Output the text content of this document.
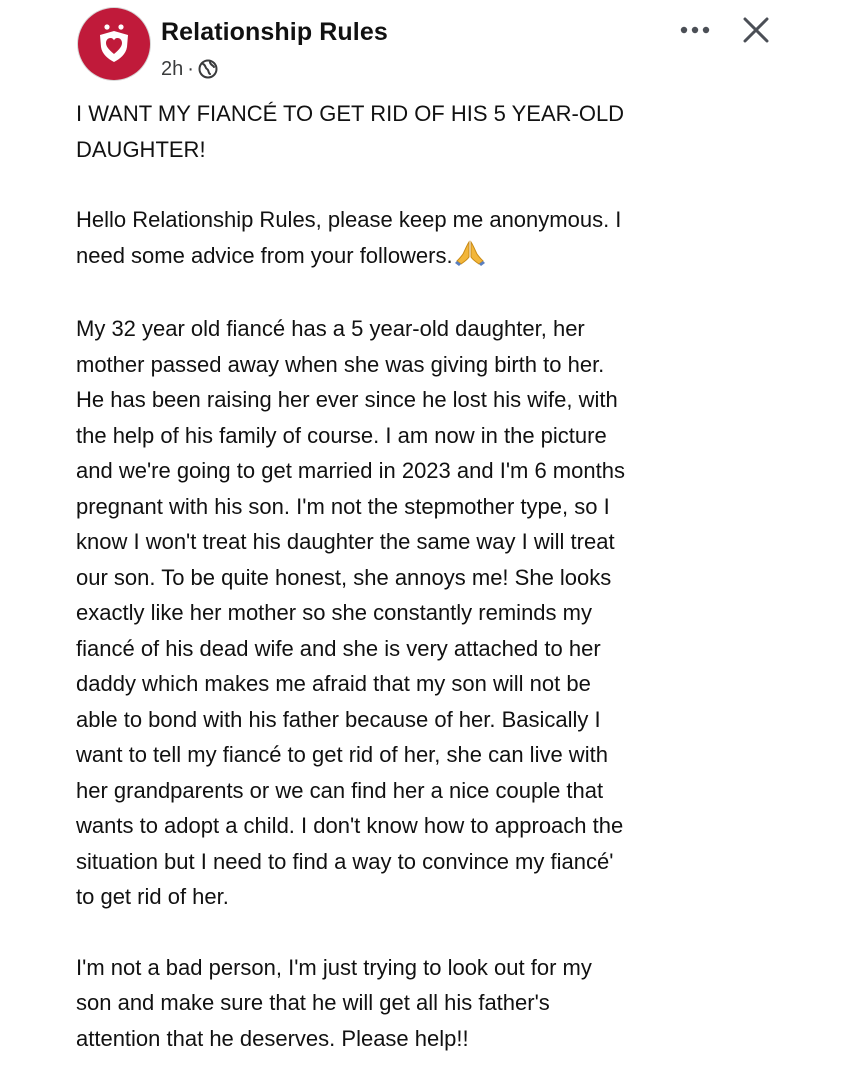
Relationship Rules
2h ·

I WANT MY FIANCÉ TO GET RID OF HIS 5 YEAR-OLD

DAUGHTER!

Hello Relationship Rules, please keep me anonymous. I

need some advice from your followers.

My 32 year old fiancé has a 5 year-old daughter, her

mother passed away when she was giving birth to her.

He has been raising her ever since he lost his wife, with

the help of his family of course. I am now in the picture

and we're going to get married in 2023 and I'm 6 months

pregnant with his son. I'm not the stepmother type, so I

know I won't treat his daughter the same way I will treat

our son. To be quite honest, she annoys me! She looks

exactly like her mother so she constantly reminds my

fiancé of his dead wife and she is very attached to her

daddy which makes me afraid that my son will not be

able to bond with his father because of her. Basically I

want to tell my fiancé to get rid of her, she can live with

her grandparents or we can find her a nice couple that

wants to adopt a child. I don't know how to approach the

situation but I need to find a way to convince my fiancé'

to get rid of her.

I'm not a bad person, I'm just trying to look out for my

son and make sure that he will get all his father's

attention that he deserves. Please help!!
